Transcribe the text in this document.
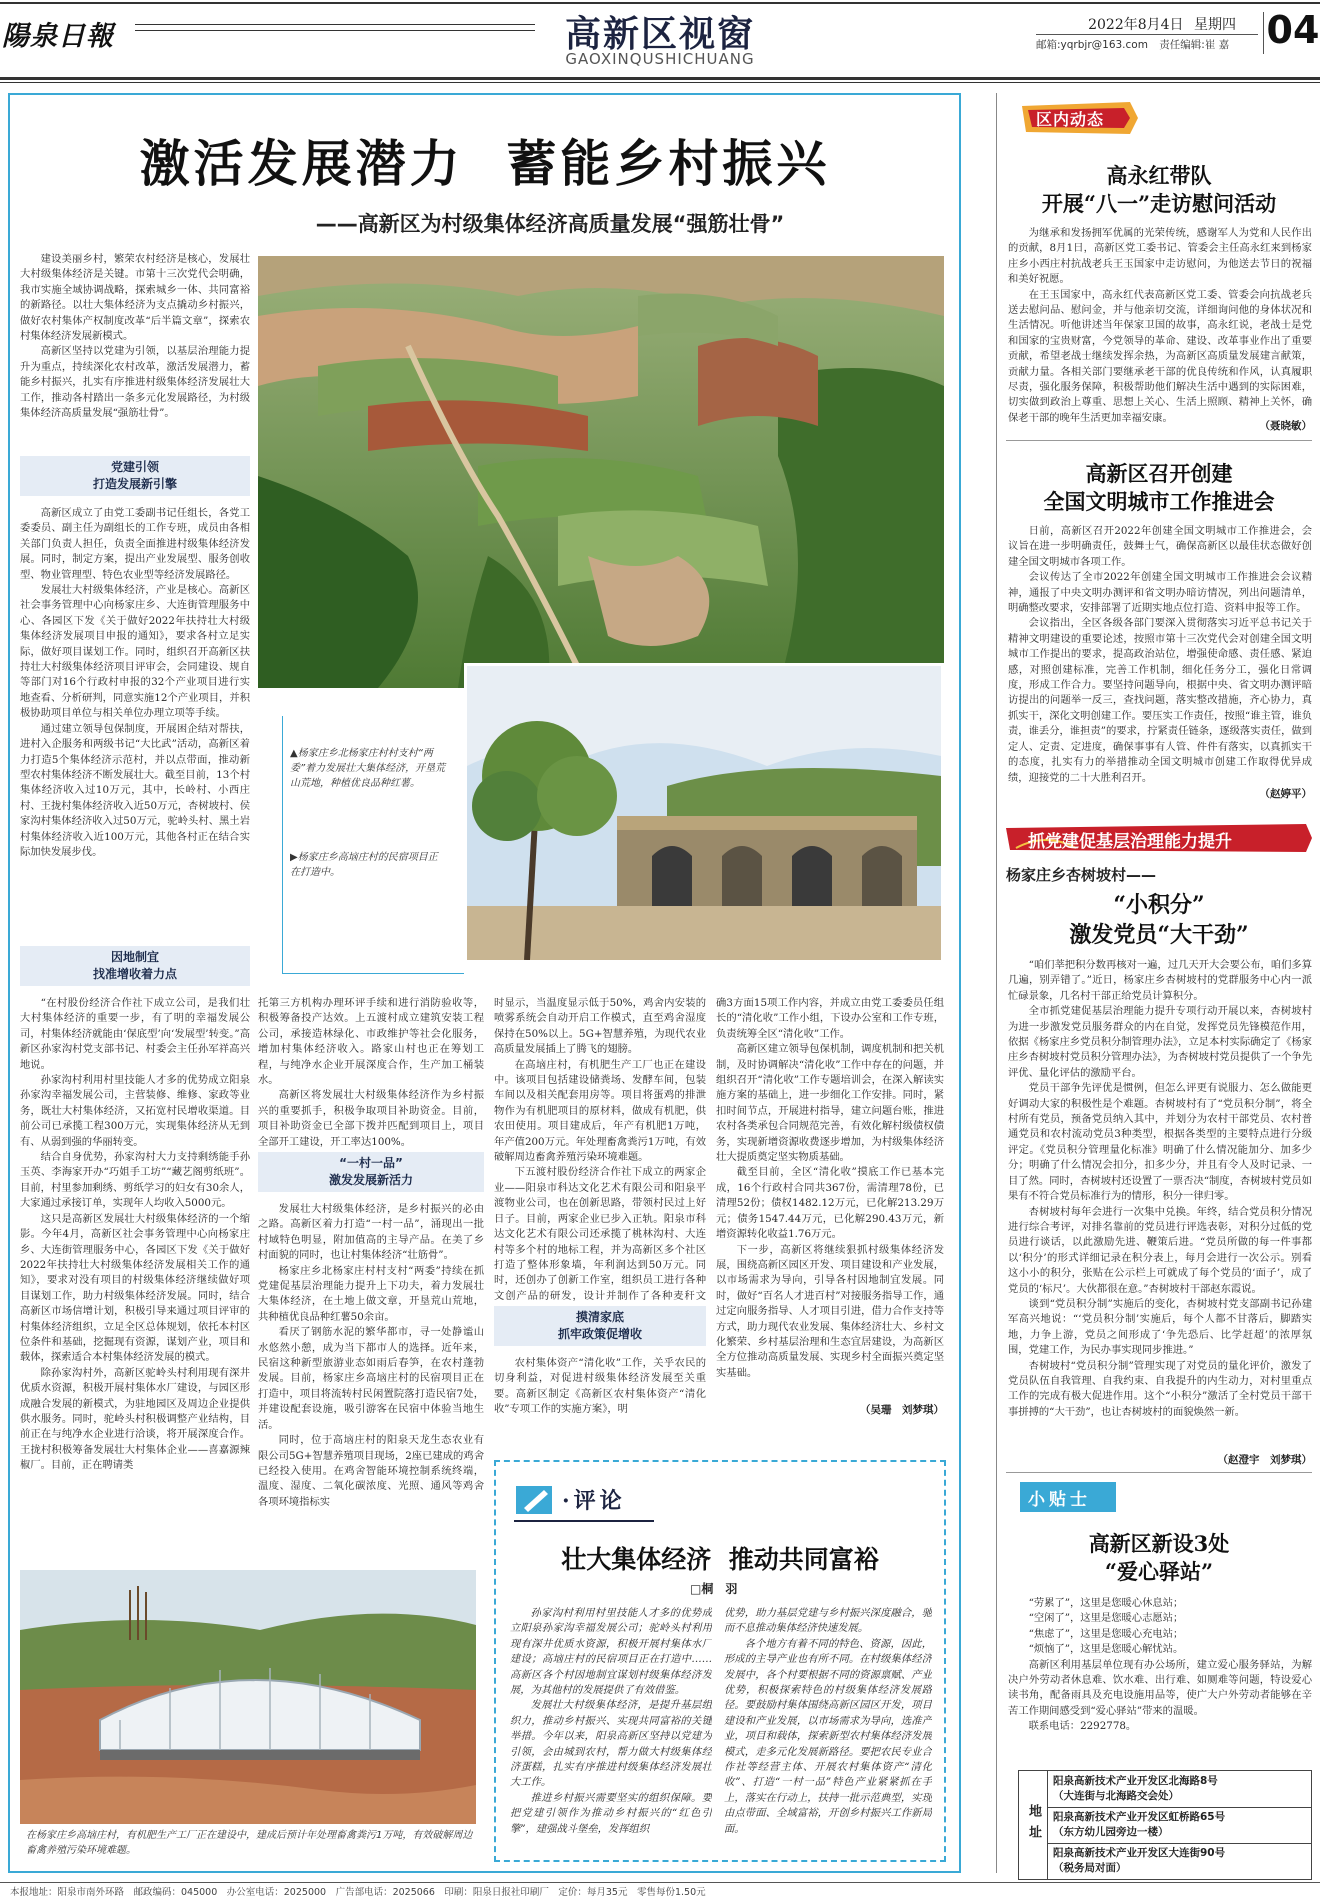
陽泉日報	高新区视窗
GAOXINQUSHICHUANG
2022年8月4日 星期四
邮箱:yqrbjr@163.com 责任编辑:崔 嘉 04
激活发展潜力  蓄能乡村振兴
——高新区为村级集体经济高质量发展“强筋壮骨”

建设美丽乡村，繁荣农村经济是核心，发展壮大村级集体经济是关键。市第十三次党代会明确，我市实施全域协调战略，探索城乡一体、共同富裕的新路径。以壮大集体经济为支点撬动乡村振兴，做好农村集体产权制度改革“后半篇文章”，探索农村集体经济发展新模式。

高新区坚持以党建为引领，以基层治理能力提升为重点，持续深化农村改革，激活发展潜力，蓄能乡村振兴，扎实有序推进村级集体经济发展壮大工作，推动各村踏出一条多元化发展路径，为村级集体经济高质量发展“强筋壮骨”。

党建引领
打造发展新引擎

高新区成立了由党工委副书记任组长，各党工委委员、副主任为副组长的工作专班，成员由各相关部门负责人担任，负责全面推进村级集体经济发展。同时，制定方案，提出产业发展型、服务创收型、物业管理型、特色农业型等经济发展路径。

发展壮大村级集体经济，产业是核心。高新区社会事务管理中心向杨家庄乡、大连街管理服务中心、各园区下发《关于做好2022年扶持壮大村级集体经济发展项目申报的通知》，要求各村立足实际，做好项目谋划工作。同时，组织召开高新区扶持壮大村级集体经济项目评审会，会同建设、规自等部门对16个行政村申报的32个产业项目进行实地查看、分析研判，同意实施12个产业项目，并积极协助项目单位与相关单位办理立项等手续。

通过建立领导包保制度，开展困企结对帮扶，进村入企服务和两级书记“大比武”活动，高新区着力打造5个集体经济示范村，并以点带面，推动新型农村集体经济不断发展壮大。截至目前，13个村集体经济收入过10万元，其中，长岭村、小西庄村、王拢村集体经济收入近50万元，杏树坡村、侯家沟村集体经济收入过50万元，驼岭头村、黑土岩村集体经济收入近100万元，其他各村正在结合实际加快发展步伐。

因地制宜
找准增收着力点

“在村股份经济合作社下成立公司，是我们壮大村集体经济的重要一步，有了明的幸福发展公司，村集体经济就能由‘保底型’向‘发展型’转变。”高新区孙家沟村党支部书记、村委会主任孙军祥高兴地说。

孙家沟村利用村里技能人才多的优势成立阳泉孙家沟幸福发展公司，主营装修、维修、家政等业务，既壮大村集体经济，又拓宽村民增收渠道。目前公司已承揽工程300万元，实现集体经济从无到有、从弱到强的华丽转变。

结合自身优势，孙家沟村大力支持剩绣能手孙玉英、李海家开办“巧姐手工坊”“藏艺阁剪纸班”。目前，村里参加剩绣、剪纸学习的妇女有30余人，大家通过承接订单，实现年人均收入5000元。

这只是高新区发展壮大村级集体经济的一个缩影。今年4月，高新区社会事务管理中心向杨家庄乡、大连街管理服务中心，各园区下发《关于做好2022年扶持壮大村级集体经济发展相关工作的通知》，要求对没有项目的村级集体经济继续做好项目谋划工作，助力村级集体经济发展。同时，结合高新区市场信增计划，积极引导来通过项目评审的村集体经济组织，立足全区总体规划，依托本村区位条件和基础，挖掘现有资源，谋划产业，项目和载体，探索适合本村集体经济发展的模式。

除孙家沟村外，高新区驼岭头村利用现有深井优质水资源，积极开展村集体水厂建设，与园区形成融合发展的新模式，为驻地园区及周边企业提供供水服务。同时，驼岭头村积极调整产业结构，目前正在与纯净水企业进行洽谈，将开展深度合作。王拢村积极筹备发展壮大村集体企业——喜嘉源辣椒厂。目前，正在聘请类

▲杨家庄乡北杨家庄村村支村“两委”着力发展壮大集体经济，开垦荒山荒地，种植优良品种红薯。
▶杨家庄乡高垴庄村的民宿项目正在打造中。

托第三方机构办理环评手续和进行消防验收等，积极筹备投产达效。上五渡村成立建筑安装工程公司，承接造林绿化、市政维护等社会化服务，增加村集体经济收入。路家山村也正在筹划工程，与纯净水企业开展深度合作，生产加工桶装水。

高新区将发展壮大村级集体经济作为乡村振兴的重要抓手，积极争取项目补助资金。目前，项目补助资金已全部下拨并匹配到项目上，项目全部开工建设，开工率达100%。

“一村一品”
激发发展新活力

发展壮大村级集体经济，是乡村振兴的必由之路。高新区着力打造“一村一品”，涌现出一批村域特色明显，附加值高的主导产品。在美了乡村面貌的同时，也让村集体经济“壮筋骨”。

杨家庄乡北杨家庄村村支村“两委”持续在抓党建促基层治理能力提升上下功夫，着力发展壮大集体经济，在土地上做文章，开垦荒山荒地，共种植优良品种红薯50余亩。

看厌了钢筋水泥的繁华都市，寻一处静谧山水悠然小憩，成为当下都市人的选择。近年来，民宿这种新型旅游业态如雨后春笋，在农村蓬勃发展。目前，杨家庄乡高垴庄村的民宿项目正在打造中，项目将流转村民闲置院落打造民宿7处，并建设配套设施，吸引游客在民宿中体验当地生活。

同时，位于高垴庄村的阳泉天龙生态农业有限公司5G+智慧养殖项目现场，2座已建成的鸡舍已经投入使用。在鸡舍智能环境控制系统终端，温度、湿度、二氧化碳浓度、光照、通风等鸡舍各项环境指标实

时显示，当温度显示低于50%，鸡舍内安装的喷雾系统会自动开启工作模式，直至鸡舍湿度保持在50%以上。5G+智慧养殖，为现代农业高质量发展插上了腾飞的翅膀。

在高垴庄村，有机肥生产工厂也正在建设中。该项目包括建设储粪场、发酵车间，包装车间以及相关配套用房等。项目将蛋鸡的排泄物作为有机肥项目的原材料，做成有机肥，供农田使用。项目建成后，年产有机肥1万吨，年产值200万元。年处理畜禽粪污1万吨，有效破解周边畜禽养殖污染环境难题。

下五渡村股份经济合作社下成立的两家企业——阳泉市科达文化艺术有限公司和阳泉平渡物业公司，也在创新思路，带领村民过上好日子。目前，两家企业已步入正轨。阳泉市科达文化艺术有限公司还承揽了桃林沟村、大连村等多个村的地标工程，并为高新区多个社区打造了整体形象墙，年利润达到50万元。同时，还创办了创新工作室，组织员工进行各种文创产品的研发，设计并制作了各种麦秆文

摸清家底
抓牢政策促增收

农村集体资产“清化收”工作，关乎农民的切身利益，对促进村级集体经济发展至关重要。高新区制定《高新区农村集体资产“清化收”专项工作的实施方案》，明

确3方面15项工作内容，并成立由党工委委员任组长的“清化收”工作小组，下设办公室和工作专班，负责统筹全区“清化收”工作。

高新区建立领导包保机制，调度机制和把关机制，及时协调解决“清化收”工作中存在的问题，并组织召开“清化收”工作专题培训会，在深入解读实施方案的基础上，进一步细化工作安排。同时，紧扣时间节点，开展进村指导，建立问题台账，推进农村各类承包合同规范完善，有效化解村级债权债务，实现新增资源收费逐步增加，为村级集体经济壮大提质奠定坚实物质基础。

截至目前，全区“清化收”摸底工作已基本完成，16个行政村合同共367份，需清理78份，已清理52份；债权1482.12万元，已化解213.29万元；债务1547.44万元，已化解290.43万元，新增资源转化收益1.76万元。

下一步，高新区将继续狠抓村级集体经济发展，围绕高新区园区开发、项目建设和产业发展，以市场需求为导向，引导各村因地制宜发展。同时，做好“百名人才进百村”对接服务指导工作，通过定向服务指导、人才项目引进，借力合作支持等方式，助力现代农业发展、集体经济壮大、乡村文化繁荣、乡村基层治理和生态宜居建设，为高新区全方位推动高质量发展、实现乡村全面振兴奠定坚实基础。

（吴珊　刘梦琪）
在杨家庄乡高垴庄村，有机肥生产工厂正在建设中，建成后预计年处理畜禽粪污1万吨，有效破解周边畜禽养殖污染环境难题。
·评论
壮大集体经济  推动共同富裕
□桐　羽

孙家沟村利用村里技能人才多的优势成立阳泉孙家沟幸福发展公司；驼岭头村利用现有深井优质水资源，积极开展村集体水厂建设；高垴庄村的民宿项目正在打造中……高新区各个村因地制宜谋划村级集体经济发展，为其他村的发展提供了有效借鉴。

发展壮大村级集体经济，是提升基层组织力，推动乡村振兴、实现共同富裕的关键举措。今年以来，阳泉高新区坚持以党建为引领，会由城到农村，帮力做大村级集体经济蛋糕，扎实有序推进村级集体经济发展壮大工作。

推进乡村振兴需要坚实的组织保障。要把党建引领作为推动乡村振兴的“红色引擎”，建强战斗堡垒，发挥组织

优势，助力基层党建与乡村振兴深度融合，驰而不息推动集体经济快速发展。

各个地方有着不同的特色、资源，因此，形成的主导产业也有所不同。在村级集体经济发展中，各个村要根据不同的资源禀赋、产业优势，积极探索特色的村级集体经济发展路径。要鼓励村集体围绕高新区园区开发，项目建设和产业发展，以市场需求为导向，选准产业，项目和载体，探索新型农村集体经济发展模式，走多元化发展新路径。要把农民专业合作社等经营主体、开展农村集体资产“清化收”、打造“一村一品”特色产业紧紧抓在手上，落实在行动上，扶持一批示范典型，实现由点带面、全域富裕，开创乡村振兴工作新局面。

区内动态
高永红带队
开展“八一”走访慰问活动

为继承和发扬拥军优属的光荣传统，感谢军人为党和人民作出的贡献，8月1日，高新区党工委书记、管委会主任高永红来到杨家庄乡小西庄村抗战老兵王玉国家中走访慰问，为他送去节日的祝福和美好祝愿。

在王玉国家中，高永红代表高新区党工委、管委会向抗战老兵送去慰问品、慰问金，并与他亲切交流，详细询问他的身体状况和生活情况。听他讲述当年保家卫国的故事，高永红说，老战士是党和国家的宝贵财富，今党领导的革命、建设、改革事业作出了重要贡献，希望老战士继续发挥余热，为高新区高质量发展建言献策，贡献力量。各相关部门要继承老干部的优良传统和作风，认真履职尽责，强化服务保障，积极帮助他们解决生活中遇到的实际困难，切实做到政治上尊重、思想上关心、生活上照顾、精神上关怀，确保老干部的晚年生活更加幸福安康。

（聂晓敏）
高新区召开创建
全国文明城市工作推进会

日前，高新区召开2022年创建全国文明城市工作推进会，会议旨在进一步明确责任，鼓舞士气，确保高新区以最佳状态做好创建全国文明城市各项工作。

会议传达了全市2022年创建全国文明城市工作推进会会议精神，通报了中央文明办测评和省文明办暗访情况，列出问题清单，明确整改要求，安排部署了近期实地点位打造、资料申报等工作。

会议指出，全区各级各部门要深入贯彻落实习近平总书记关于精神文明建设的重要论述，按照市第十三次党代会对创建全国文明城市工作提出的要求，提高政治站位，增强使命感、责任感、紧迫感，对照创建标准，完善工作机制，细化任务分工，强化日常调度，形成工作合力。要坚持问题导向，根据中央、省文明办测评暗访提出的问题举一反三，查找问题，落实整改措施，齐心协力，真抓实干，深化文明创建工作。要压实工作责任，按照“谁主管，谁负责，谁丢分，谁担责”的要求，拧紧责任链条，逐级落实责任，做到定人、定责、定进度，确保事事有人管、件件有落实，以真抓实干的态度，扎实有力的举措推动全国文明城市创建工作取得优异成绩，迎接党的二十大胜利召开。

（赵婷平）
抓党建促基层治理能力提升
杨家庄乡杏树坡村——
“小积分”
激发党员“大干劲”

“咱们莘把积分数再核对一遍，过几天开大会要公布，咱们多算几遍，别弄错了。”近日，杨家庄乡杏树坡村的党群服务中心内一派忙碌景象，几名村干部正给党员计算积分。

全市抓党建促基层治理能力提升专项行动开展以来，杏树坡村为进一步激发党员服务群众的内在自觉，发挥党员先锋模范作用，依据《杨家庄乡党员积分制管理办法》，立足本村实际确定了《杨家庄乡杏树坡村党员积分管理办法》，为杏树坡村党员提供了一个争先评优、量化评估的激励平台。

党员干部争先评优是惯例，但怎么评更有说服力、怎么做能更好调动大家的积极性是个难题。杏树坡村有了“党员积分制”，将全村所有党员，预备党员纳入其中，并划分为农村干部党员、农村普通党员和农村流动党员3种类型，根据各类型的主要特点进行分级评定。《党员积分管理量化标准》明确了什么情况能加分、加多少分；明确了什么情况会扣分，扣多少分，并且有令人及时记录、一目了然。同时，杏树坡村还设置了一票否决“制度，杏树坡村党员如果有不符合党员标准行为的情形，积分一律归零。

杏树坡村每年会进行一次集中兑换。年终，结合党员积分情况进行综合考评，对排名靠前的党员进行评选表彰，对积分过低的党员进行谈话，以此激励先进、鞭策后进。“党员所做的每一件事都以‘积分’的形式详细记录在积分表上，每月会进行一次公示。别看这小小的积分，张贴在公示栏上可就成了每个党员的‘面子’，成了党员的‘标尺’。大伙都很在意。”杏树坡村干部赵东霞说。

谈到“党员积分制”实施后的变化，杏树坡村党支部副书记孙建军高兴地说：“‘党员积分制’实施后，每个人都不甘落后，脚踏实地，力争上游，党员之间形成了‘争先恐后、比学赶超’的浓厚氛围，党建工作，为民办事实现同步推进。”

杏树坡村“党员积分制”管理实现了对党员的量化评价，激发了党员队伍自我管理、自我约束、自我提升的内生动力，对村里重点工作的完成有极大促进作用。这个“小积分”激活了全村党员干部干事拼搏的“大干劲”，也让杏树坡村的面貌焕然一新。

（赵澄宇　刘梦琪）
小贴士
高新区新设3处
“爱心驿站”

“劳累了”，这里是您暖心休息站；

“空闲了”，这里是您暖心志愿站；

“焦虑了”，这里是您暖心充电站；

“烦恼了”，这里是您暖心解忧站。

高新区利用基层单位现有办公场所，建立爱心服务驿站，为解决户外劳动者休息难、饮水难、出行难、如厕难等问题，特设爱心读书角，配备雨具及充电设施用品等，使广大户外劳动者能够在辛苦工作期间感受到“爱心驿站”带来的温暖。

联系电话：2292778。

地址
阳泉高新技术产业开发区北海路8号
（大连街与北海路交会处）
阳泉高新技术产业开发区虹桥路65号
（东方幼儿园旁边一楼）
阳泉高新技术产业开发区大连街90号
（税务局对面）
本报地址：阳泉市南外环路　邮政编码：045000　办公室电话：2025000　广告部电话：2025066　印刷：阳泉日报社印刷厂　定价：每月35元　零售每份1.50元
